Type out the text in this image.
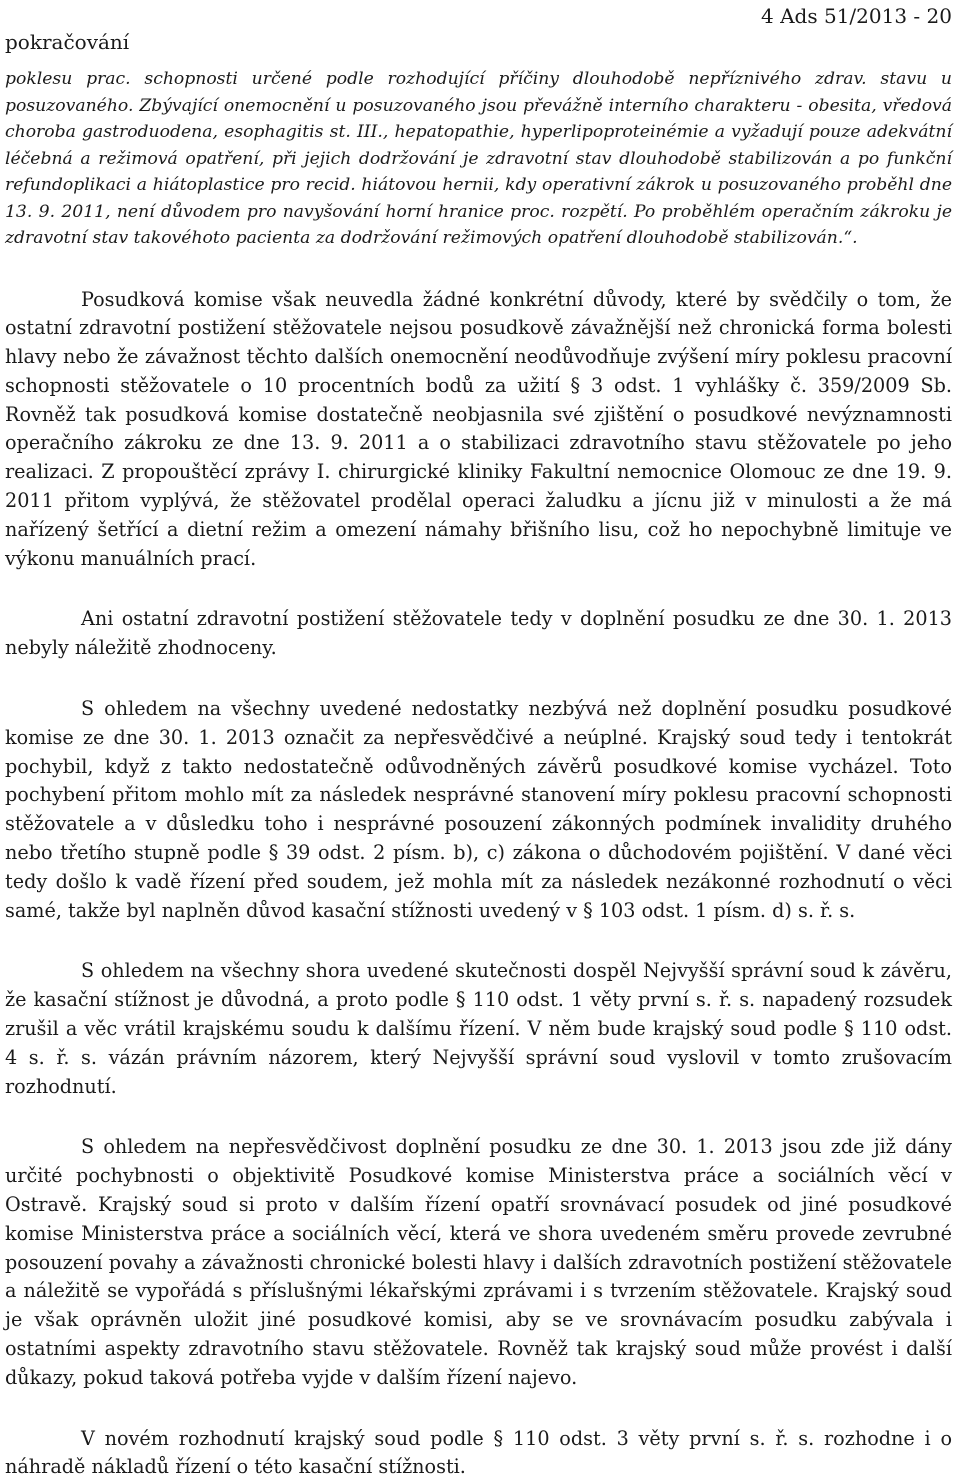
pokračování
4 Ads 51/2013 - 20

poklesu prac. schopnosti určené podle rozhodující příčiny dlouhodobě nepříznivého zdrav. stavu u posuzovaného. Zbývající onemocnění u posuzovaného jsou převážně interního charakteru - obesita, vředová choroba gastroduodena, esophagitis st. III., hepatopathie, hyperlipoproteinémie a vyžadují pouze adekvátní léčebná a režimová opatření, při jejich dodržování je zdravotní stav dlouhodobě stabilizován a po funkční refundoplikaci a hiátoplastice pro recid. hiátovou hernii, kdy operativní zákrok u posuzovaného proběhl dne 13. 9. 2011, není důvodem pro navyšování horní hranice proc. rozpětí. Po proběhlém operačním zákroku je zdravotní stav takovéhoto pacienta za dodržování režimových opatření dlouhodobě stabilizován.“.

Posudková komise však neuvedla žádné konkrétní důvody, které by svědčily o tom, že ostatní zdravotní postižení stěžovatele nejsou posudkově závažnější než chronická forma bolesti hlavy nebo že závažnost těchto dalších onemocnění neodůvodňuje zvýšení míry poklesu pracovní schopnosti stěžovatele o 10 procentních bodů za užití § 3 odst. 1 vyhlášky č. 359/2009 Sb. Rovněž tak posudková komise dostatečně neobjasnila své zjištění o posudkové nevýznamnosti operačního zákroku ze dne 13. 9. 2011 a o stabilizaci zdravotního stavu stěžovatele po jeho realizaci. Z propouštěcí zprávy I. chirurgické kliniky Fakultní nemocnice Olomouc ze dne 19. 9. 2011 přitom vyplývá, že stěžovatel prodělal operaci žaludku a jícnu již v minulosti a že má nařízený šetřící a dietní režim a omezení námahy břišního lisu, což ho nepochybně limituje ve výkonu manuálních prací.

Ani ostatní zdravotní postižení stěžovatele tedy v doplnění posudku ze dne 30. 1. 2013 nebyly náležitě zhodnoceny.

S ohledem na všechny uvedené nedostatky nezbývá než doplnění posudku posudkové komise ze dne 30. 1. 2013 označit za nepřesvědčivé a neúplné. Krajský soud tedy i tentokrát pochybil, když z takto nedostatečně odůvodněných závěrů posudkové komise vycházel. Toto pochybení přitom mohlo mít za následek nesprávné stanovení míry poklesu pracovní schopnosti stěžovatele a v důsledku toho i nesprávné posouzení zákonných podmínek invalidity druhého nebo třetího stupně podle § 39 odst. 2 písm. b), c) zákona o důchodovém pojištění. V dané věci tedy došlo k vadě řízení před soudem, jež mohla mít za následek nezákonné rozhodnutí o věci samé, takže byl naplněn důvod kasační stížnosti uvedený v § 103 odst. 1 písm. d) s. ř. s.

S ohledem na všechny shora uvedené skutečnosti dospěl Nejvyšší správní soud k závěru, že kasační stížnost je důvodná, a proto podle § 110 odst. 1 věty první s. ř. s. napadený rozsudek zrušil a věc vrátil krajskému soudu k dalšímu řízení. V něm bude krajský soud podle § 110 odst. 4 s. ř. s. vázán právním názorem, který Nejvyšší správní soud vyslovil v tomto zrušovacím rozhodnutí.

S ohledem na nepřesvědčivost doplnění posudku ze dne 30. 1. 2013 jsou zde již dány určité pochybnosti o objektivitě Posudkové komise Ministerstva práce a sociálních věcí v Ostravě. Krajský soud si proto v dalším řízení opatří srovnávací posudek od jiné posudkové komise Ministerstva práce a sociálních věcí, která ve shora uvedeném směru provede zevrubné posouzení povahy a závažnosti chronické bolesti hlavy i dalších zdravotních postižení stěžovatele a náležitě se vypořádá s příslušnými lékařskými zprávami i s tvrzením stěžovatele. Krajský soud je však oprávněn uložit jiné posudkové komisi, aby se ve srovnávacím posudku zabývala i ostatními aspekty zdravotního stavu stěžovatele. Rovněž tak krajský soud může provést i další důkazy, pokud taková potřeba vyjde v dalším řízení najevo.

V novém rozhodnutí krajský soud podle § 110 odst. 3 věty první s. ř. s. rozhodne i o náhradě nákladů řízení o této kasační stížnosti.
